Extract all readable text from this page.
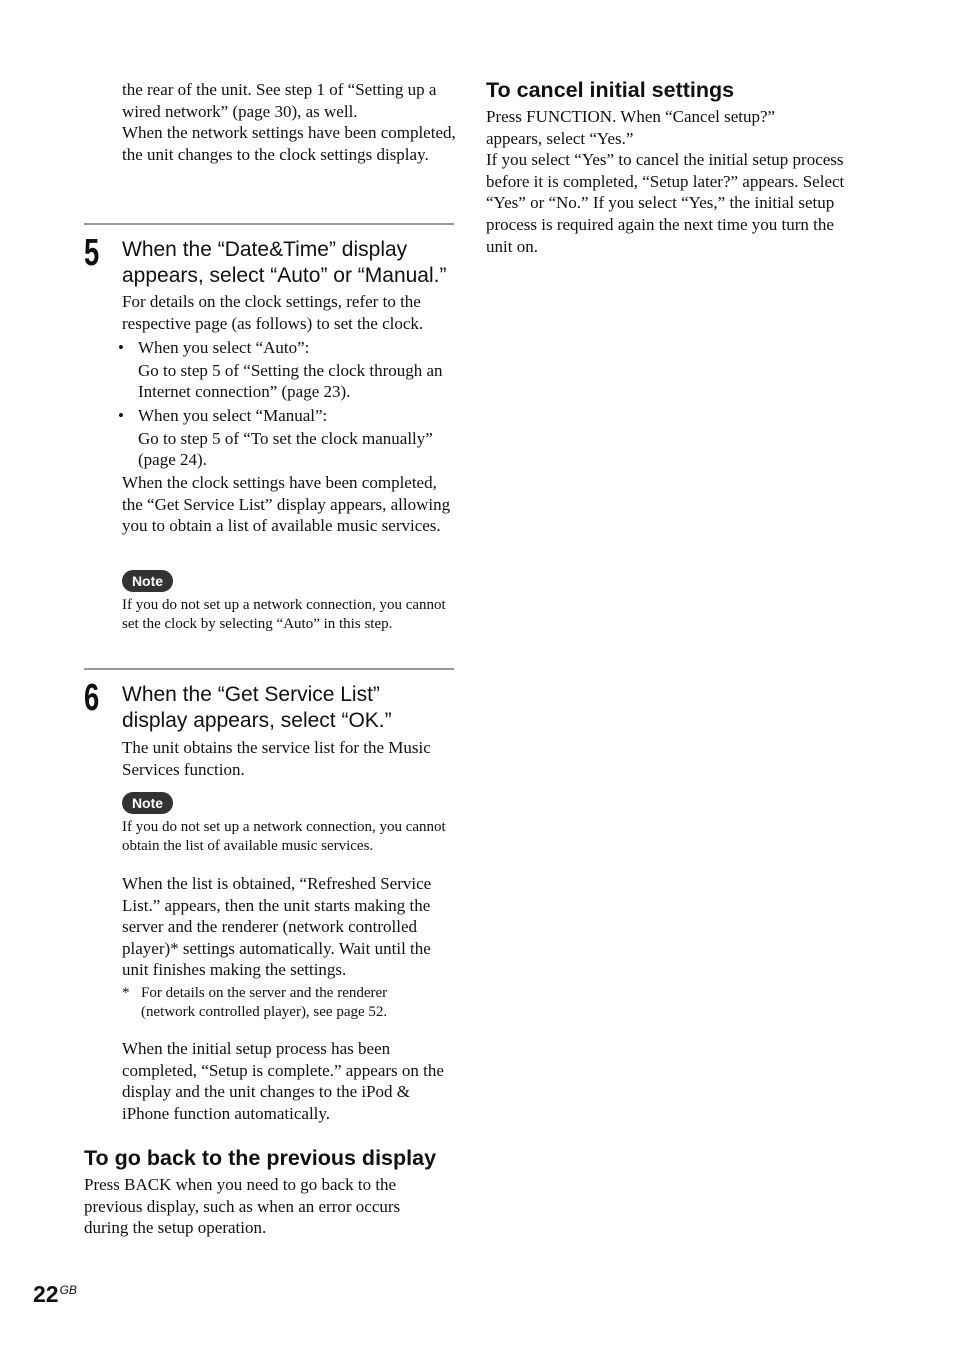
the rear of the unit. See step 1 of “Setting up a wired network” (page 30), as well.

When the network settings have been completed, the unit changes to the clock settings display.

5 When the “Date&Time” display appears, select “Auto” or “Manual.”

For details on the clock settings, refer to the respective page (as follows) to set the clock.

• When you select “Auto”:

Go to step 5 of “Setting the clock through an Internet connection” (page 23).

• When you select “Manual”:

Go to step 5 of “To set the clock manually” (page 24).

When the clock settings have been completed, the “Get Service List” display appears, allowing you to obtain a list of available music services.

Note
If you do not set up a network connection, you cannot set the clock by selecting “Auto” in this step.
6 When the “Get Service List” display appears, select “OK.”

The unit obtains the service list for the Music Services function.

Note
If you do not set up a network connection, you cannot obtain the list of available music services.

When the list is obtained, “Refreshed Service List.” appears, then the unit starts making the server and the renderer (network controlled player)* settings automatically. Wait until the unit finishes making the settings.

* For details on the server and the renderer (network controlled player), see page 52.

When the initial setup process has been completed, “Setup is complete.” appears on the display and the unit changes to the iPod & iPhone function automatically.

To go back to the previous display
Press BACK when you need to go back to the previous display, such as when an error occurs during the setup operation.
To cancel initial settings

Press FUNCTION. When “Cancel setup?” appears, select “Yes.”

If you select “Yes” to cancel the initial setup process before it is completed, “Setup later?” appears. Select “Yes” or “No.” If you select “Yes,” the initial setup process is required again the next time you turn the unit on.

$22^{GB}$
